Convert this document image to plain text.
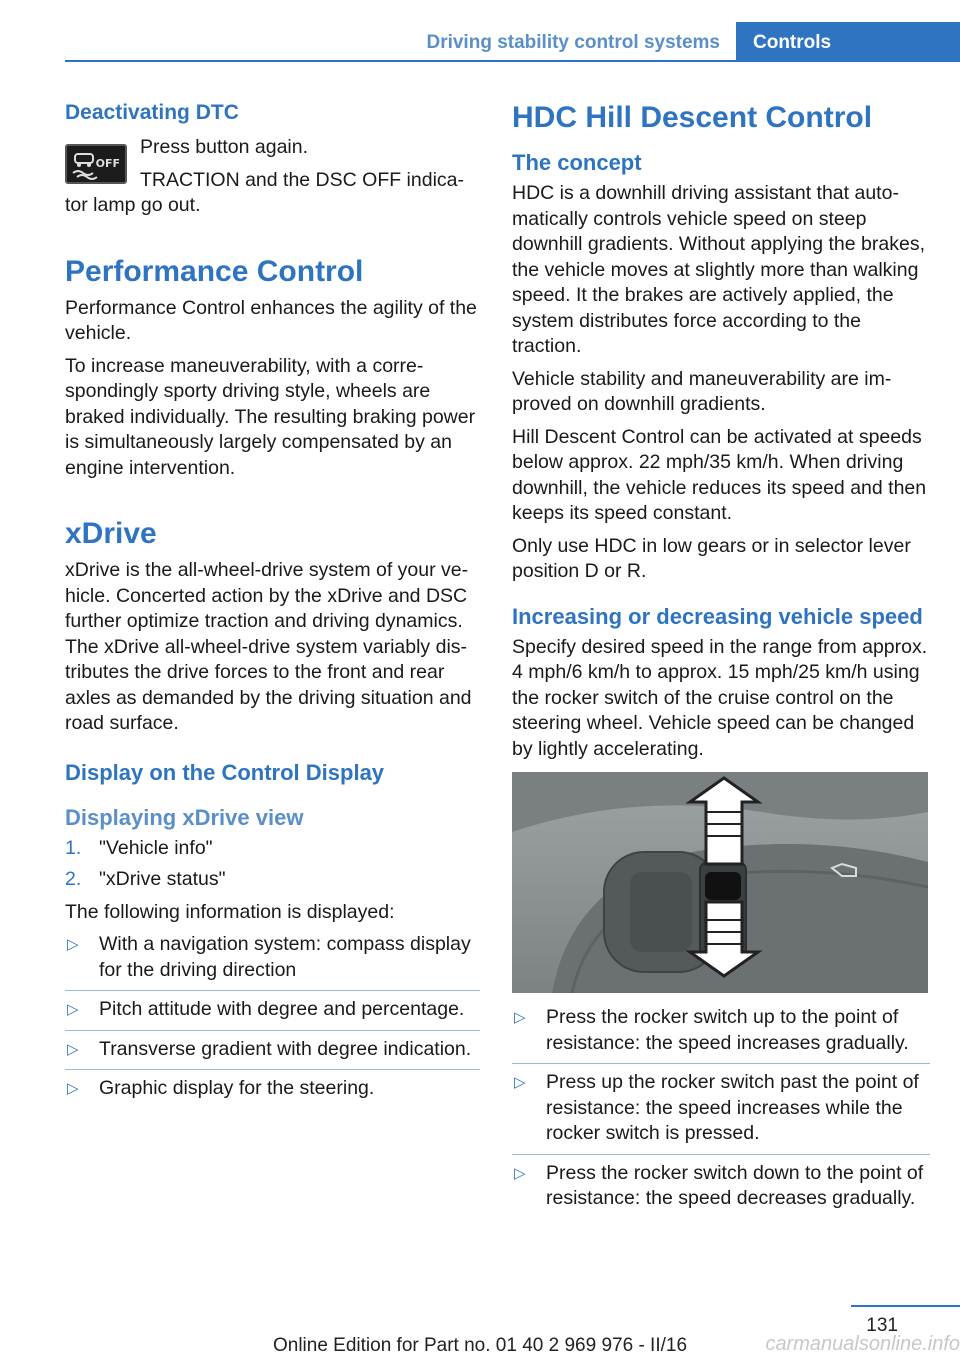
Driving stability control systems	Controls
Deactivating DTC
OFF

Press button again.

TRACTION and the DSC OFF indica-

tor lamp go out.

Performance Control

Performance Control enhances the agility of the vehicle.

To increase maneuverability, with a correspondingly sporty driving style, wheels are braked individually. The resulting braking power is simultaneously largely compensated by an engine intervention.

xDrive

xDrive is the all-wheel-drive system of your vehicle. Concerted action by the xDrive and DSC further optimize traction and driving dynamics. The xDrive all-wheel-drive system variably distributes the drive forces to the front and rear axles as demanded by the driving situation and road surface.

Display on the Control Display
Displaying xDrive view
1. "Vehicle info"
2. "xDrive status"

The following information is displayed:

▷ With a navigation system: compass display for the driving direction
▷ Pitch attitude with degree and percentage.
▷ Transverse gradient with degree indication.
▷ Graphic display for the steering.
HDC Hill Descent Control
The concept

HDC is a downhill driving assistant that automatically controls vehicle speed on steep downhill gradients. Without applying the brakes, the vehicle moves at slightly more than walking speed. It the brakes are actively applied, the system distributes force according to the traction.

Vehicle stability and maneuverability are improved on downhill gradients.

Hill Descent Control can be activated at speeds below approx. 22 mph/35 km/h. When driving downhill, the vehicle reduces its speed and then keeps its speed constant.

Only use HDC in low gears or in selector lever position D or R.

Increasing or decreasing vehicle speed

Specify desired speed in the range from approx. 4 mph/6 km/h to approx. 15 mph/25 km/h using the rocker switch of the cruise control on the steering wheel. Vehicle speed can be changed by lightly accelerating.

▷ Press the rocker switch up to the point of resistance: the speed increases gradually.
▷ Press up the rocker switch past the point of resistance: the speed increases while the rocker switch is pressed.
▷ Press the rocker switch down to the point of resistance: the speed decreases gradually.
131
Online Edition for Part no. 01 40 2 969 976 - II/16	carmanualsonline.info
